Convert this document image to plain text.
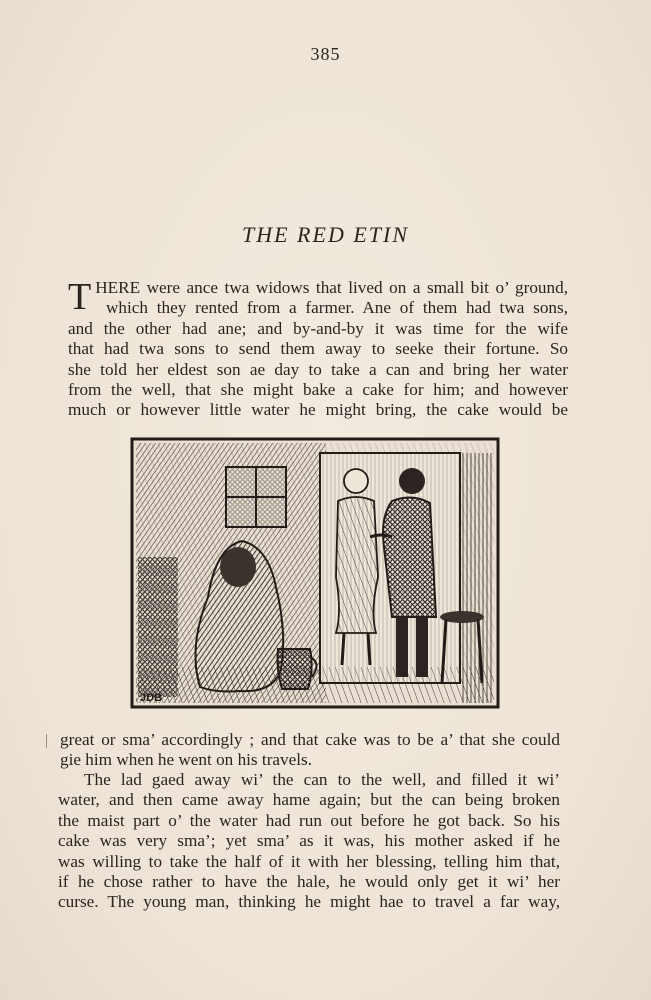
385
THE RED ETIN
T HERE were ance twa widows that lived on a small bit o’ ground,
which they rented from a farmer. Ane of them had twa sons,
and the other had ane; and by-and-by it was time for the wife
that had twa sons to send them away to seeke their fortune. So
she told her eldest son ae day to take a can and bring her water
from the well, that she might bake a cake for him; and however
much or however little water he might bring, the cake would be
JDB
great or sma’ accordingly ; and that cake was to be a’ that she could
gie him when he went on his travels.
The lad gaed away wi’ the can to the well, and filled it wi’
water, and then came away hame again; but the can being broken
the maist part o’ the water had run out before he got back. So his
cake was very sma’; yet sma’ as it was, his mother asked if he
was willing to take the half of it with her blessing, telling him that,
if he chose rather to have the hale, he would only get it wi’ her
curse. The young man, thinking he might hae to travel a far way,
